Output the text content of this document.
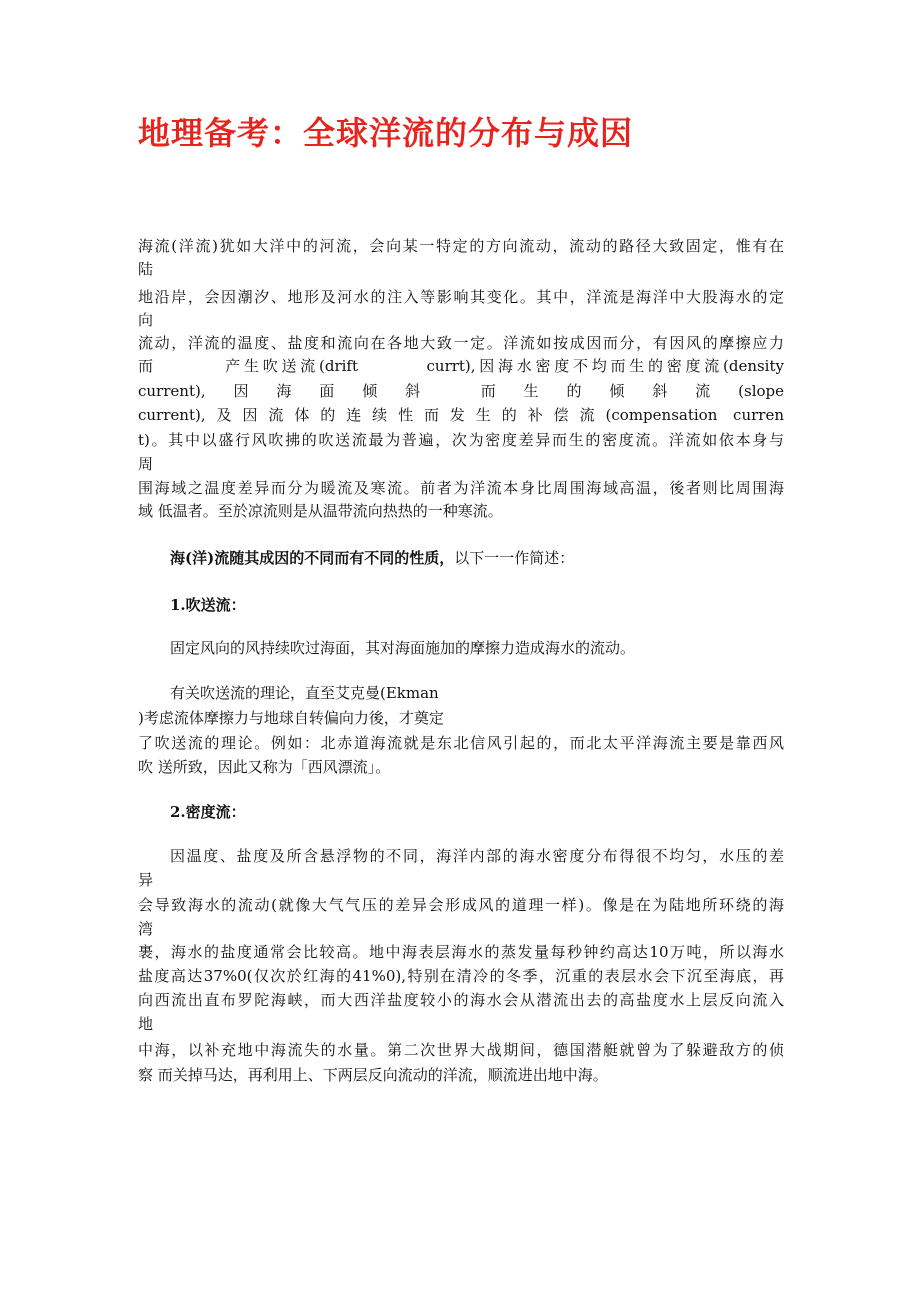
地理备考：全球洋流的分布与成因
海流(洋流)犹如大洋中的河流，会向某一特定的方向流动，流动的路径大致固定，惟有在
陆
地沿岸，会因潮汐、地形及河水的注入等影响其变化。其中，洋流是海洋中大股海水的定
向
流动，洋流的温度、盐度和流向在各地大致一定。洋流如按成因而分，有因风的摩擦应力
而 产生吹送流(drift currt),因海水密度不均而生的密度流(density
current),因海面倾斜 而生的倾斜流(slope
current),及因流体的连续性而发生的补偿流(compensation curren
t)。其中以盛行风吹拂的吹送流最为普遍，次为密度差异而生的密度流。洋流如依本身与
周
围海域之温度差异而分为暖流及寒流。前者为洋流本身比周围海域高温，後者则比周围海
域 低温者。至於凉流则是从温带流向热热的一种寒流。
海(洋)流随其成因的不同而有不同的性质，以下一一作简述：
1.吹送流：
固定风向的风持续吹过海面，其对海面施加的摩擦力造成海水的流动。
有关吹送流的理论，直至艾克曼(Ekman
)考虑流体摩擦力与地球自转偏向力後，才奠定
了吹送流的理论。例如：北赤道海流就是东北信风引起的，而北太平洋海流主要是靠西风
吹 送所致，因此又称为「西风漂流」。
2.密度流：
因温度、盐度及所含悬浮物的不同，海洋内部的海水密度分布得很不均匀，水压的差
异
会导致海水的流动(就像大气气压的差异会形成风的道理一样)。像是在为陆地所环绕的海
湾
裹，海水的盐度通常会比较高。地中海表层海水的蒸发量每秒钟约高达10万吨，所以海水
盐度高达37%0(仅次於红海的41%0),特别在清冷的冬季，沉重的表层水会下沉至海底，再
向西流出直布罗陀海峡，而大西洋盐度较小的海水会从潜流出去的高盐度水上层反向流入
地
中海，以补充地中海流失的水量。第二次世界大战期间，德国潜艇就曾为了躲避敌方的侦
察 而关掉马达，再利用上、下两层反向流动的洋流，顺流进出地中海。
